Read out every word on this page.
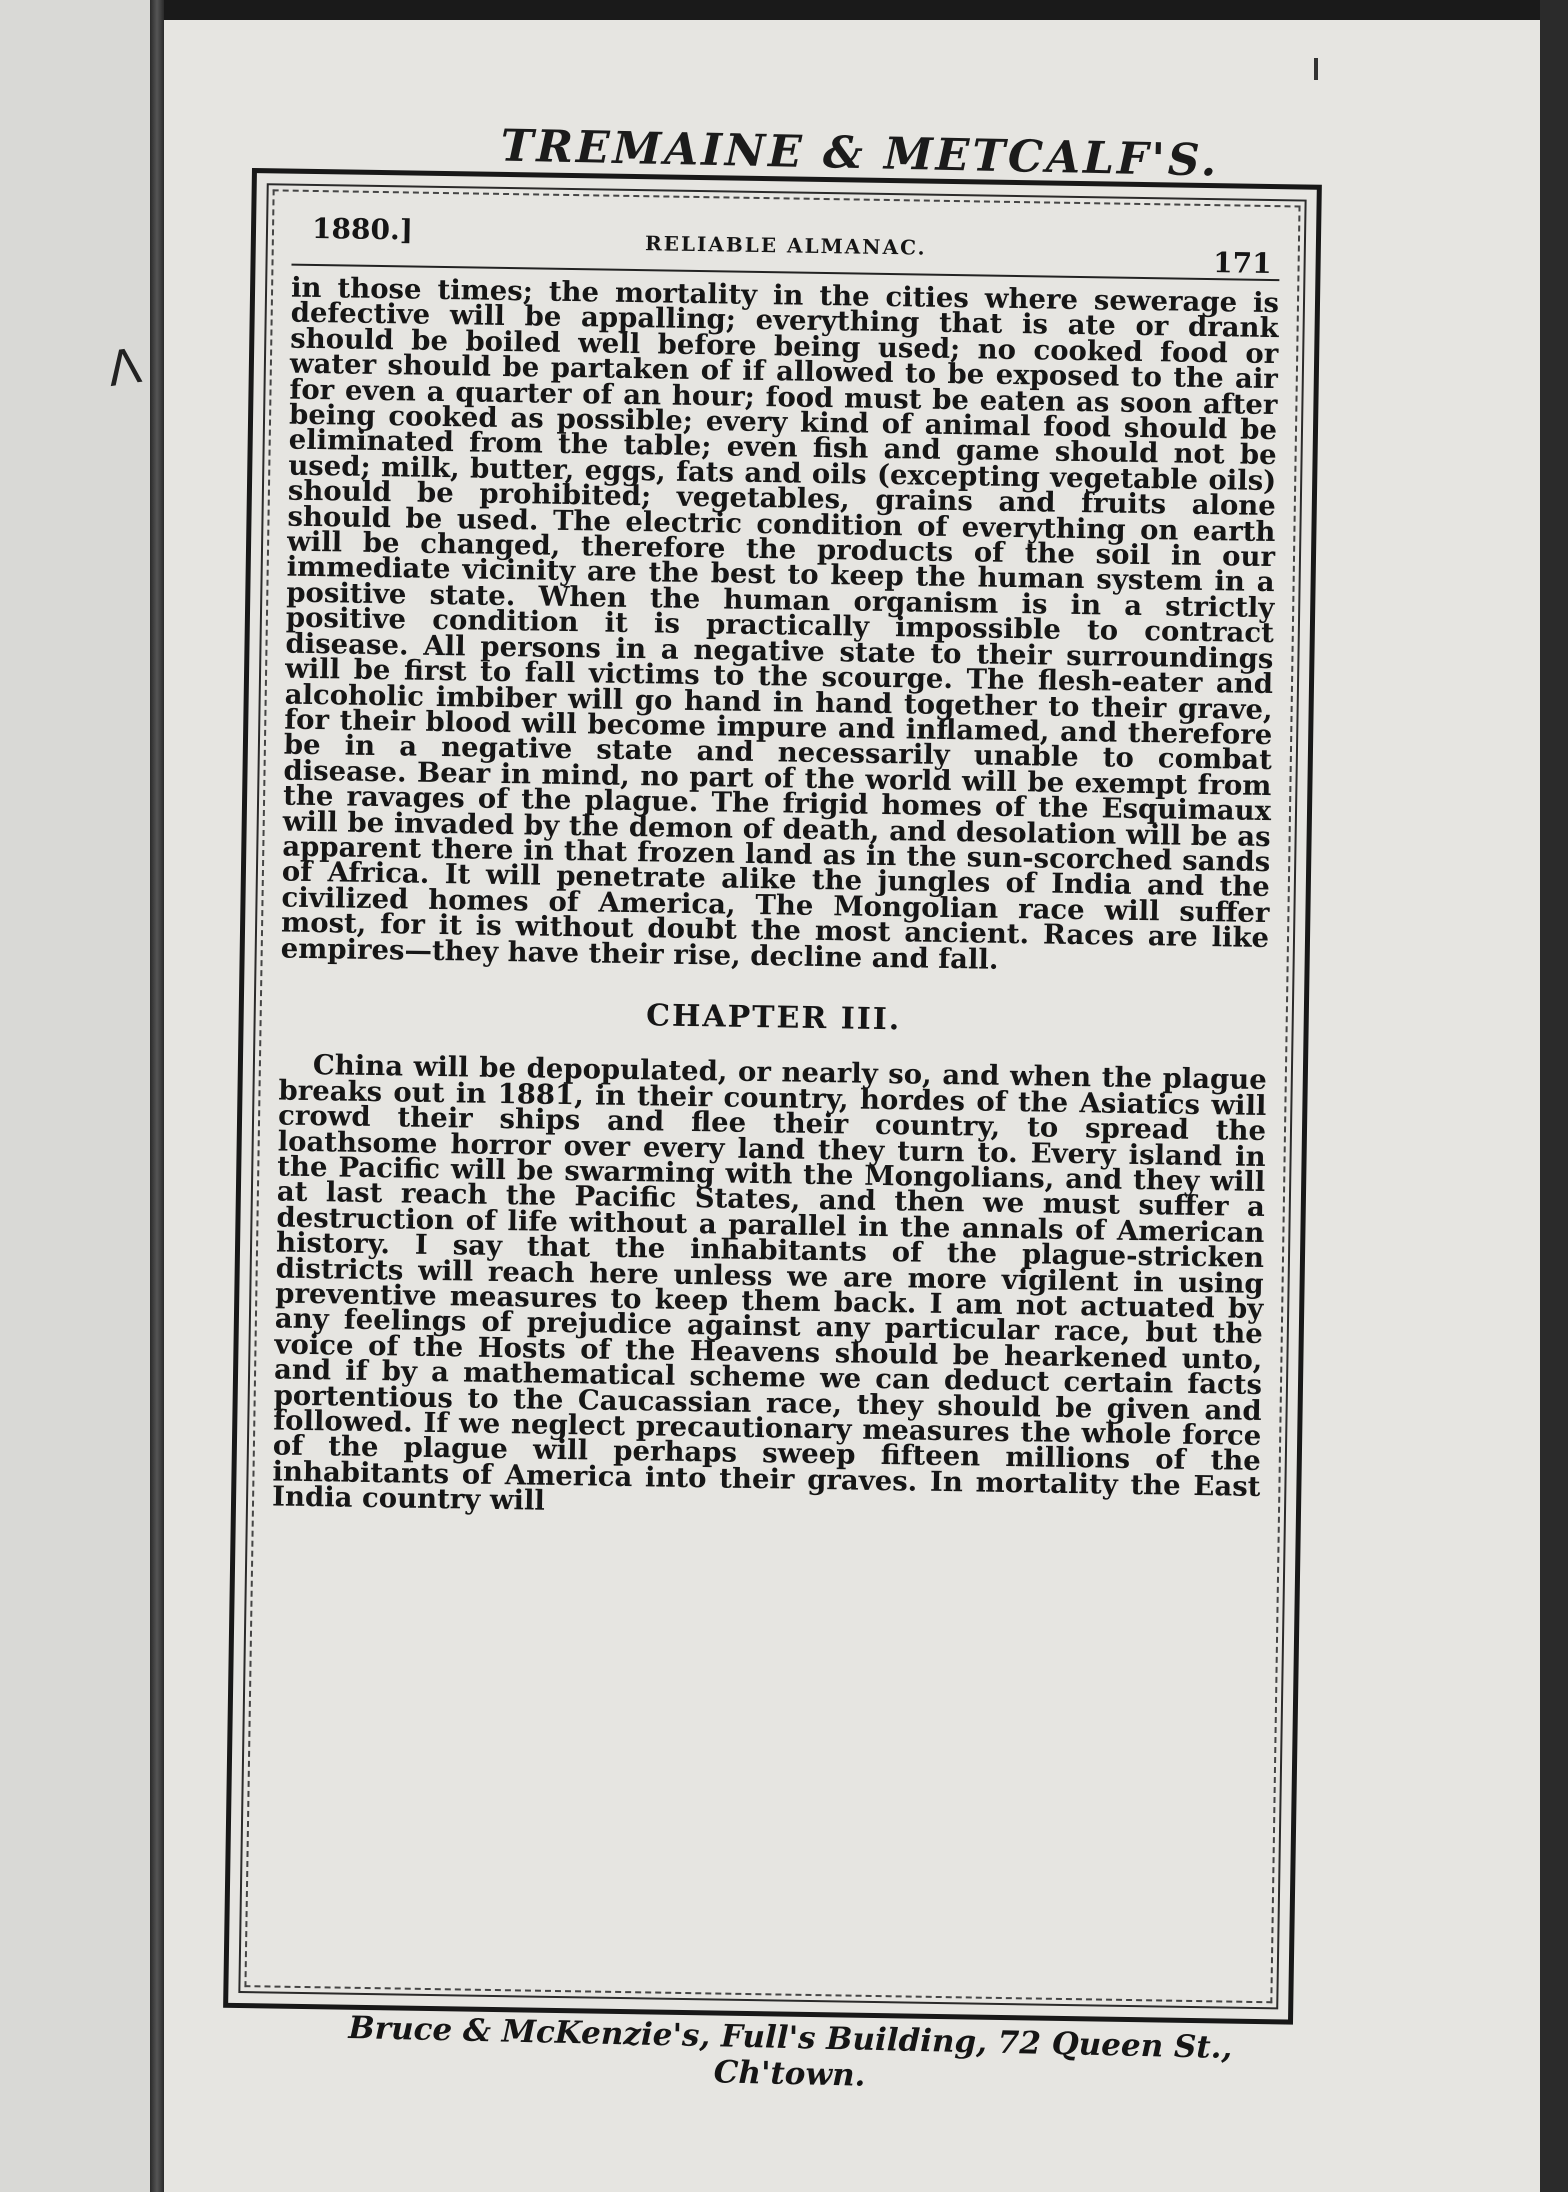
ⴷ
TREMAINE & METCALF'S.
1880.]	RELIABLE ALMANAC.
171

in those times; the mortality in the cities where sewerage is defective will be appalling; everything that is ate or drank should be boiled well before being used; no cooked food or water should be partaken of if allowed to be exposed to the air for even a quarter of an hour; food must be eaten as soon after being cooked as possible; every kind of animal food should be eliminated from the table; even fish and game should not be used; milk, butter, eggs, fats and oils (excepting vegetable oils) should be prohibited; vegetables, grains and fruits alone should be used. The electric condition of everything on earth will be changed, therefore the products of the soil in our immediate vicinity are the best to keep the human system in a positive state. When the human organism is in a strictly positive condition it is practically impossible to contract disease. All persons in a negative state to their surroundings will be first to fall victims to the scourge. The flesh-eater and alcoholic imbiber will go hand in hand together to their grave, for their blood will become impure and inflamed, and therefore be in a negative state and necessarily unable to combat disease. Bear in mind, no part of the world will be exempt from the ravages of the plague. The frigid homes of the Esquimaux will be invaded by the demon of death, and desolation will be as apparent there in that frozen land as in the sun-scorched sands of Africa. It will penetrate alike the jungles of India and the civilized homes of America, The Mongolian race will suffer most, for it is without doubt the most ancient. Races are like empires—they have their rise, decline and fall.

CHAPTER III.

China will be depopulated, or nearly so, and when the plague breaks out in 1881, in their country, hordes of the Asiatics will crowd their ships and flee their country, to spread the loathsome horror over every land they turn to. Every island in the Pacific will be swarming with the Mongolians, and they will at last reach the Pacific States, and then we must suffer a destruction of life without a parallel in the annals of American history. I say that the inhabitants of the plague-stricken districts will reach here unless we are more vigilent in using preventive measures to keep them back. I am not actuated by any feelings of prejudice against any particular race, but the voice of the Hosts of the Heavens should be hearkened unto, and if by a mathematical scheme we can deduct certain facts portentious to the Caucassian race, they should be given and followed. If we neglect precautionary measures the whole force of the plague will perhaps sweep fifteen millions of the inhabitants of America into their graves. In mortality the East India country will

Bruce & McKenzie's, Full's Building, 72 Queen St., Ch'town.
